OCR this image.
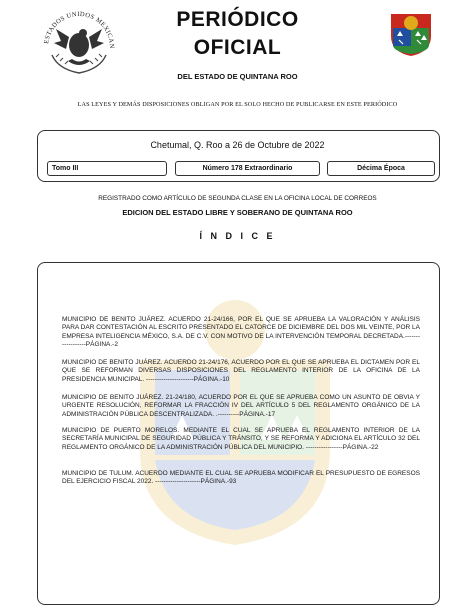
ESTADOS UNIDOS MEXICAN
PERIÓDICO
OFICIAL
DEL ESTADO DE QUINTANA ROO
LAS LEYES Y DEMÁS DISPOSICIONES OBLIGAN POR EL SOLO HECHO DE PUBLICARSE EN ESTE PERIÓDICO
Chetumal, Q. Roo a 26 de Octubre de 2022
Tomo III	Número 178 Extraordinario	Décima Época
REGISTRADO COMO ARTÍCULO DE SEGUNDA CLASE EN LA OFICINA LOCAL DE CORREOS
EDICION DEL ESTADO LIBRE Y SOBERANO DE QUINTANA ROO
Í N D I C E
MUNICIPIO DE BENITO JUÁREZ. ACUERDO 21-24/166, POR EL QUE SE APRUEBA LA VALORACIÓN Y ANÁLISIS PARA DAR CONTESTACIÓN AL ESCRITO PRESENTADO EL CATORCE DE DICIEMBRE DEL DOS MIL VEINTE, POR LA EMPRESA INTELIGENCIA MÉXICO, S.A. DE C.V. CON MOTIVO DE LA INTERVENCIÓN TEMPORAL DECRETADA.------------------PÁGINA.-2
MUNICIPIO DE BENITO JUÁREZ. ACUERDO 21-24/176, ACUERDO POR EL QUE SE APRUEBA EL DICTAMEN POR EL QUE SE REFORMAN DIVERSAS DISPOSICIONES DEL REGLAMENTO INTERIOR DE LA OFICINA DE LA PRESIDENCIA MUNICIPAL. ----------------------PÁGINA.-10
MUNICIPIO DE BENITO JUÁREZ. 21-24/180, ACUERDO POR EL QUE SE APRUEBA COMO UN ASUNTO DE OBVIA Y URGENTE RESOLUCIÓN, REFORMAR LA FRACCIÓN IV DEL ARTÍCULO 5 DEL REGLAMENTO ORGÁNICO DE LA ADMINISTRACIÓN PÚBLICA DESCENTRALIZADA. .----------PÁGINA.-17
MUNICIPIO DE PUERTO MORELOS. MEDIANTE EL CUAL SE APRUEBA EL REGLAMENTO INTERIOR DE LA SECRETARÍA MUNICIPAL DE SEGURIDAD PÚBLICA Y TRÁNSITO, Y SE REFORMA Y ADICIONA EL ARTÍCULO 32 DEL REGLAMENTO ORGÁNICO DE LA ADMINISTRACIÓN PÚBLICA DEL MUNICIPIO. -----------------PÁGINA.-22
MUNICIPIO DE TULUM. ACUERDO MEDIANTE EL CUAL SE APRUEBA MODIFICAR EL PRESUPUESTO DE EGRESOS DEL EJERCICIO FISCAL 2022. ---------------------PÁGINA.-93
